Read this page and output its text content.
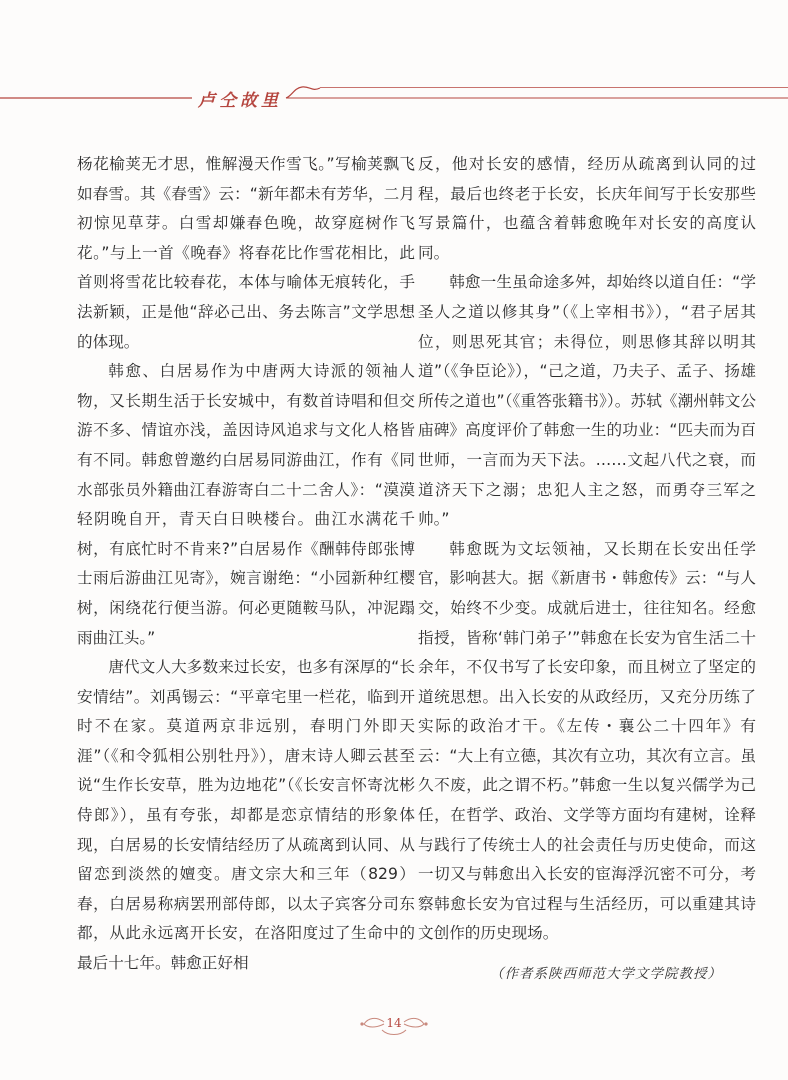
卢仝故里

杨花榆荚无才思，惟解漫天作雪飞。”写榆荚飘飞如春雪。其《春雪》云：“新年都未有芳华，二月初惊见草芽。白雪却嫌春色晚，故穿庭树作飞花。”与上一首《晚春》将春花比作雪花相比，此首则将雪花比较春花，本体与喻体无痕转化，手法新颖，正是他“辞必己出、务去陈言”文学思想的体现。

韩愈、白居易作为中唐两大诗派的领袖人物，又长期生活于长安城中，有数首诗唱和但交游不多、情谊亦浅，盖因诗风追求与文化人格皆有不同。韩愈曾邀约白居易同游曲江，作有《同水部张员外籍曲江春游寄白二十二舍人》：“漠漠轻阴晚自开，青天白日映楼台。曲江水满花千树，有底忙时不肯来?”白居易作《酬韩侍郎张博士雨后游曲江见寄》，婉言谢绝：“小园新种红樱树，闲绕花行便当游。何必更随鞍马队，冲泥蹋雨曲江头。”

唐代文人大多数来过长安，也多有深厚的“长安情结”。刘禹锡云：“平章宅里一栏花，临到开时不在家。莫道两京非远别，春明门外即天涯”（《和令狐相公别牡丹》），唐末诗人卿云甚至说“生作长安草，胜为边地花”（《长安言怀寄沈彬侍郎》），虽有夸张，却都是恋京情结的形象体现，白居易的长安情结经历了从疏离到认同、从留恋到淡然的嬗变。唐文宗大和三年（829）春，白居易称病罢刑部侍郎，以太子宾客分司东都，从此永远离开长安，在洛阳度过了生命中的最后十七年。韩愈正好相

反，他对长安的感情，经历从疏离到认同的过程，最后也终老于长安，长庆年间写于长安那些写景篇什，也蕴含着韩愈晚年对长安的高度认同。

韩愈一生虽命途多舛，却始终以道自任：“学圣人之道以修其身”（《上宰相书》），“君子居其位，则思死其官；未得位，则思修其辞以明其道”（《争臣论》），“己之道，乃夫子、孟子、扬雄所传之道也”（《重答张籍书》）。苏轼《潮州韩文公庙碑》高度评价了韩愈一生的功业：“匹夫而为百世师，一言而为天下法。……文起八代之衰，而道济天下之溺；忠犯人主之怒，而勇夺三军之帅。”

韩愈既为文坛领袖，又长期在长安出任学官，影响甚大。据《新唐书・韩愈传》云：“与人交，始终不少变。成就后进士，往往知名。经愈指授，皆称‘韩门弟子’”韩愈在长安为官生活二十余年，不仅书写了长安印象，而且树立了坚定的道统思想。出入长安的从政经历，又充分历练了实际的政治才干。《左传・襄公二十四年》有云：“大上有立德，其次有立功，其次有立言。虽久不废，此之谓不朽。”韩愈一生以复兴儒学为己任，在哲学、政治、文学等方面均有建树，诠释与践行了传统士人的社会责任与历史使命，而这一切又与韩愈出入长安的宦海浮沉密不可分，考察韩愈长安为官过程与生活经历，可以重建其诗文创作的历史现场。

（作者系陕西师范大学文学院教授）
14
